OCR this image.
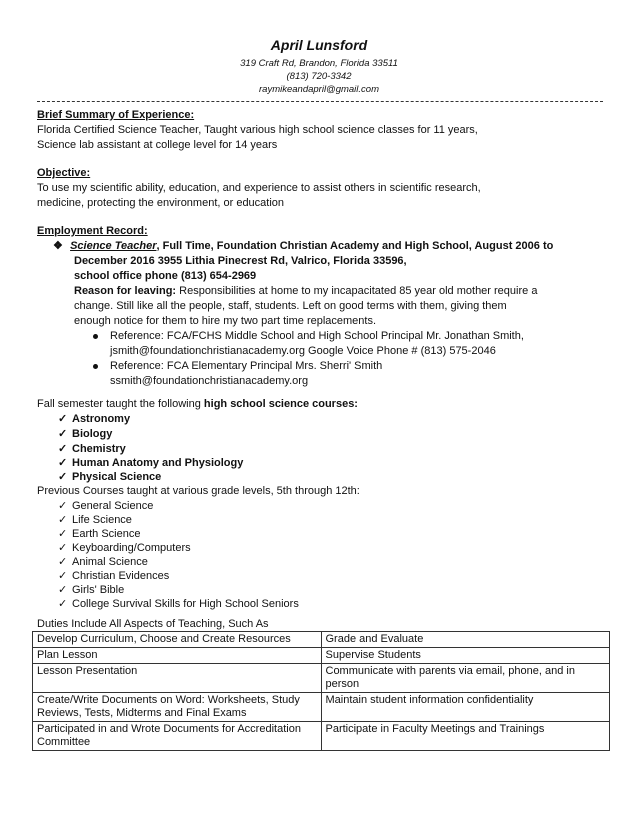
April Lunsford
319 Craft Rd, Brandon, Florida 33511
(813) 720-3342
raymikeandapril@gmail.com
Brief Summary of Experience:
Florida Certified Science Teacher, Taught various high school science classes for 11 years,
Science lab assistant at college level for 14 years
Objective:
To use my scientific ability, education, and experience to assist others in scientific research,
medicine, protecting the environment, or education
Employment Record:
❖ Science Teacher, Full Time, Foundation Christian Academy and High School, August 2006 to
December 2016 3955 Lithia Pinecrest Rd, Valrico, Florida 33596,
school office phone (813) 654-2969
Reason for leaving: Responsibilities at home to my incapacitated 85 year old mother require a
change. Still like all the people, staff, students. Left on good terms with them, giving them
enough notice for them to hire my two part time replacements.
Reference: FCA/FCHS Middle School and High School Principal Mr. Jonathan Smith,
jsmith@foundationchristianacademy.org Google Voice Phone # (813) 575-2046
Reference: FCA Elementary Principal Mrs. Sherri' Smith
ssmith@foundationchristianacademy.org
Fall semester taught the following high school science courses:
✓ Astronomy
✓ Biology
✓ Chemistry
✓ Human Anatomy and Physiology
✓ Physical Science
Previous Courses taught at various grade levels, 5th through 12th:
✓ General Science
✓ Life Science
✓ Earth Science
✓ Keyboarding/Computers
✓ Animal Science
✓ Christian Evidences
✓ Girls' Bible
✓ College Survival Skills for High School Seniors
Duties Include All Aspects of Teaching, Such As
Develop Curriculum, Choose and Create Resources	Grade and Evaluate
Plan Lesson	Supervise Students
Lesson Presentation	Communicate with parents via email, phone, and in person
Create/Write Documents on Word: Worksheets, Study Reviews, Tests, Midterms and Final Exams	Maintain student information confidentiality
Participated in and Wrote Documents for Accreditation Committee	Participate in Faculty Meetings and Trainings
